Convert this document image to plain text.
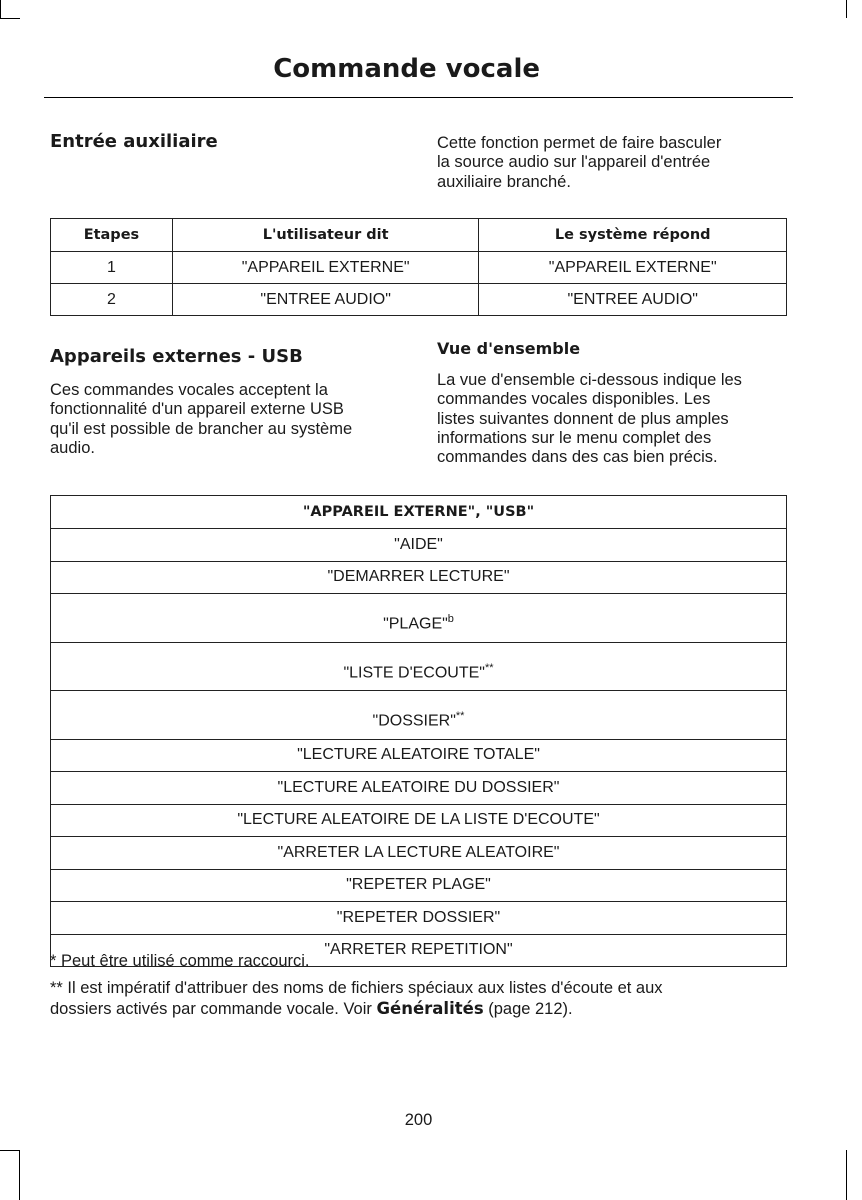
Commande vocale
Entrée auxiliaire	Cette fonction permet de faire basculer
la source audio sur l'appareil d'entrée
auxiliaire branché.
Etapes	L'utilisateur dit	Le système répond
1	"APPAREIL EXTERNE"	"APPAREIL EXTERNE"
2	"ENTREE AUDIO"	"ENTREE AUDIO"
Appareils externes - USB
Ces commandes vocales acceptent la
fonctionnalité d'un appareil externe USB
qu'il est possible de brancher au système
audio.
Vue d'ensemble
La vue d'ensemble ci-dessous indique les
commandes vocales disponibles. Les
listes suivantes donnent de plus amples
informations sur le menu complet des
commandes dans des cas bien précis.
"APPAREIL EXTERNE", "USB"
"AIDE"
"DEMARRER LECTURE"
"PLAGE"$^b$
"LISTE D'ECOUTE"**
"DOSSIER"**
"LECTURE ALEATOIRE TOTALE"
"LECTURE ALEATOIRE DU DOSSIER"
"LECTURE ALEATOIRE DE LA LISTE D'ECOUTE"
"ARRETER LA LECTURE ALEATOIRE"
"REPETER PLAGE"
"REPETER DOSSIER"
"ARRETER REPETITION"
* Peut être utilisé comme raccourci.
** Il est impératif d'attribuer des noms de fichiers spéciaux aux listes d'écoute et aux
dossiers activés par commande vocale. Voir Généralités (page 212).
200
